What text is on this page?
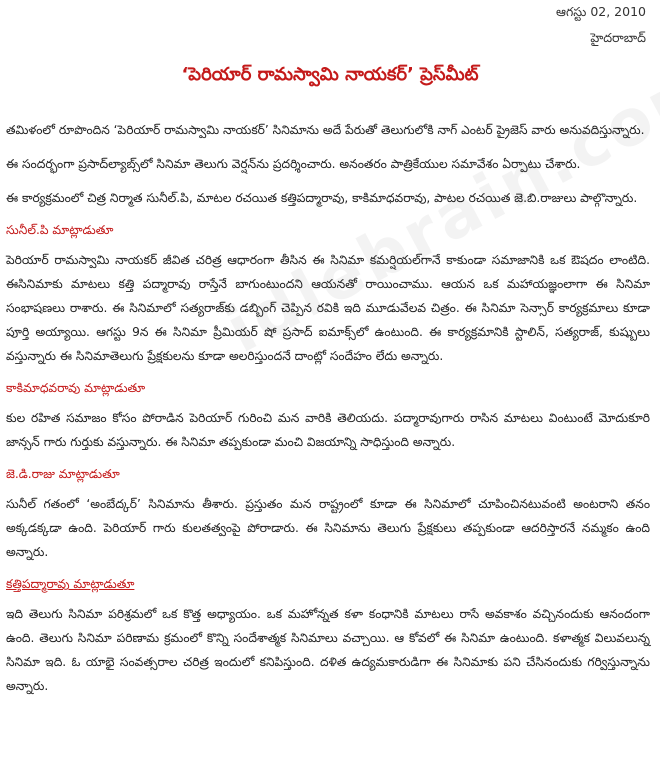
ఆగస్టు 02, 2010
హైదరాబాద్
‘పెరియార్ రామస్వామి నాయకర్’ ప్రెస్‌మీట్

తమిళంలో రూపొందిన ‘పెరియార్ రామస్వామి నాయకర్’ సినిమాను అదే పేరుతో తెలుగులోకి నాగ్ ఎంటర్ ప్రైజెస్ వారు అనువదిస్తున్నారు.

ఈ సందర్భంగా ప్రసాద్‌ల్యాబ్స్‌లో సినిమా తెలుగు వెర్షన్‌ను ప్రదర్శించారు. అనంతరం పాత్రికేయుల సమావేశం ఏర్పాటు చేశారు.

ఈ కార్యక్రమంలో చిత్ర నిర్మాత సునీల్.పి, మాటల రచయిత కత్తిపద్మారావు, కాకిమాధవరావు, పాటల రచయిత జె.బి.రాజులు పాల్గొన్నారు.

సునీల్.పి మాట్లాడుతూ

పెరియార్ రామస్వామి నాయకర్ జీవిత చరిత్ర ఆధారంగా తీసిన ఈ సినిమా కమర్షియల్‌గానే కాకుండా సమాజానికి ఒక ఔషదం లాంటిది. ఈసినిమాకు మాటలు కత్తి పద్మారావు రాస్తేనే బాగుంటుందని ఆయనతో రాయించాము. ఆయన ఒక మహాయజ్ఞంలాగా ఈ సినిమా సంభాషణలు రాశారు. ఈ సినిమాలో సత్యరాజ్‌కు డబ్బింగ్ చెప్పిన రవికి ఇది మూడువేలవ చిత్రం. ఈ సినిమా సెన్సార్ కార్యక్రమాలు కూడా పూర్తి అయ్యాయి. ఆగస్టు 9న ఈ సినిమా ప్రీమియర్ షో ప్రసాద్ ఐమాక్స్‌లో ఉంటుంది. ఈ కార్యక్రమానికి స్టాలిన్, సత్యరాజ్, కుష్బులు వస్తున్నారు ఈ సినిమాతెలుగు ప్రేక్షకులను కూడా అలరిస్తుందనే దాంట్లో సందేహం లేదు అన్నారు.

కాకిమాధవరావు మాట్లాడుతూ

కుల రహిత సమాజం కోసం పోరాడిన పెరియార్ గురించి మన వారికి తెలియదు. పద్మారావుగారు రాసిన మాటలు వింటుంటే మోదుకూరి జాన్సన్ గారు గుర్తుకు వస్తున్నారు. ఈ సినిమా తప్పకుండా మంచి విజయాన్ని సాధిస్తుంది అన్నారు.

జె.డి.రాజు మాట్లాడుతూ

సునీల్ గతంలో ‘అంబేద్కర్’ సినిమాను తీశారు. ప్రస్తుతం మన రాష్ట్రంలో కూడా ఈ సినిమాలో చూపించినటువంటి అంటరాని తనం అక్కడక్కడా ఉంది. పెరియార్ గారు కులతత్వంపై పోరాడారు. ఈ సినిమాను తెలుగు ప్రేక్షకులు తప్పకుండా ఆదరిస్తారనే నమ్మకం ఉంది అన్నారు.

కత్తిపద్మారావు మాట్లాడుతూ

ఇది తెలుగు సినిమా పరిశ్రమలో ఒక కొత్త అధ్యాయం. ఒక మహోన్నత కళా కంధానికి మాటలు రాసే అవకాశం వచ్చినందుకు ఆనందంగా ఉంది. తెలుగు సినిమా పరిణామ క్రమంలో కొన్ని సందేశాత్మక సినిమాలు వచ్చాయి. ఆ కోవలో ఈ సినిమా ఉంటుంది. కళాత్మక విలువలున్న సినిమా ఇది. ఓ యాభై సంవత్సరాల చరిత్ర ఇందులో కనిపిస్తుంది. దళిత ఉద్యమకారుడిగా ఈ సినిమాకు పని చేసినందుకు గర్విస్తున్నాను అన్నారు.
